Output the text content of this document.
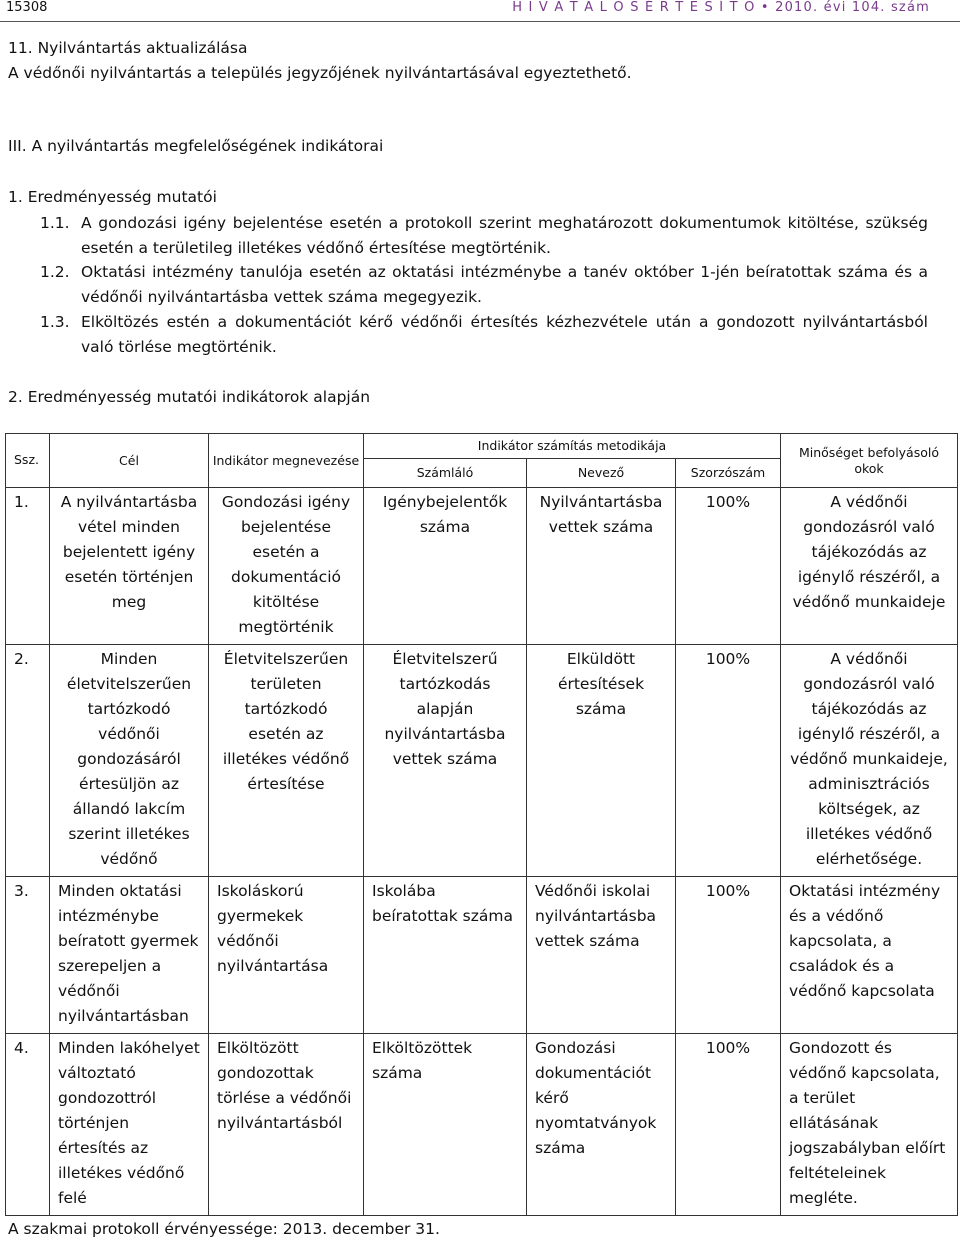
15308	H I V A T A L O S É R T E S Í T Õ • 2010. évi 104. szám
11. Nyilvántartás aktualizálása
A védőnői nyilvántartás a település jegyzőjének nyilvántartásával egyeztethető.
III. A nyilvántartás megfelelőségének indikátorai
1. Eredményesség mutatói
1.1. A gondozási igény bejelentése esetén a protokoll szerint meghatározott dokumentumok kitöltése, szükség esetén a területileg illetékes védőnő értesítése megtörténik.
1.2. Oktatási intézmény tanulója esetén az oktatási intézménybe a tanév október 1-jén beíratottak száma és a védőnői nyilvántartásba vettek száma megegyezik.
1.3. Elköltözés estén a dokumentációt kérő védőnői értesítés kézhezvétele után a gondozott nyilvántartásból való törlése megtörténik.
2. Eredményesség mutatói indikátorok alapján
Ssz.	Cél	Indikátor megnevezése	Indikátor számítás metodikája			Minőséget befolyásoló okok
			Számláló	Nevező	Szorzószám	
1.	A nyilvántartásba vétel minden bejelentett igény esetén történjen meg	Gondozási igény bejelentése esetén a dokumentáció kitöltése megtörténik	Igénybejelentők száma	Nyilvántartásba vettek száma	100%	A védőnői gondozásról való tájékozódás az igénylő részéről, a védőnő munkaideje
2.	Minden életvitelszerűen tartózkodó védőnői gondozásáról értesüljön az állandó lakcím szerint illetékes védőnő	Életvitelszerűen területen tartózkodó esetén az illetékes védőnő értesítése	Életvitelszerű tartózkodás alapján nyilvántartásba vettek száma	Elküldött értesítések száma	100%	A védőnői gondozásról való tájékozódás az igénylő részéről, a védőnő munkaideje, adminisztrációs költségek, az illetékes védőnő elérhetősége.
3.	Minden oktatási intézménybe beíratott gyermek szerepeljen a védőnői nyilvántartásban	Iskoláskorú gyermekek védőnői nyilvántartása	Iskolába beíratottak száma	Védőnői iskolai nyilvántartásba vettek száma	100%	Oktatási intézmény és a védőnő kapcsolata, a családok és a védőnő kapcsolata
4.	Minden lakóhelyet változtató gondozottról történjen értesítés az illetékes védőnő felé	Elköltözött gondozottak törlése a védőnői nyilvántartásból	Elköltözöttek száma	Gondozási dokumentációt kérő nyomtatványok száma	100%	Gondozott és védőnő kapcsolata, a terület ellátásának jogszabályban előírt feltételeinek megléte.
A szakmai protokoll érvényessége: 2013. december 31.
